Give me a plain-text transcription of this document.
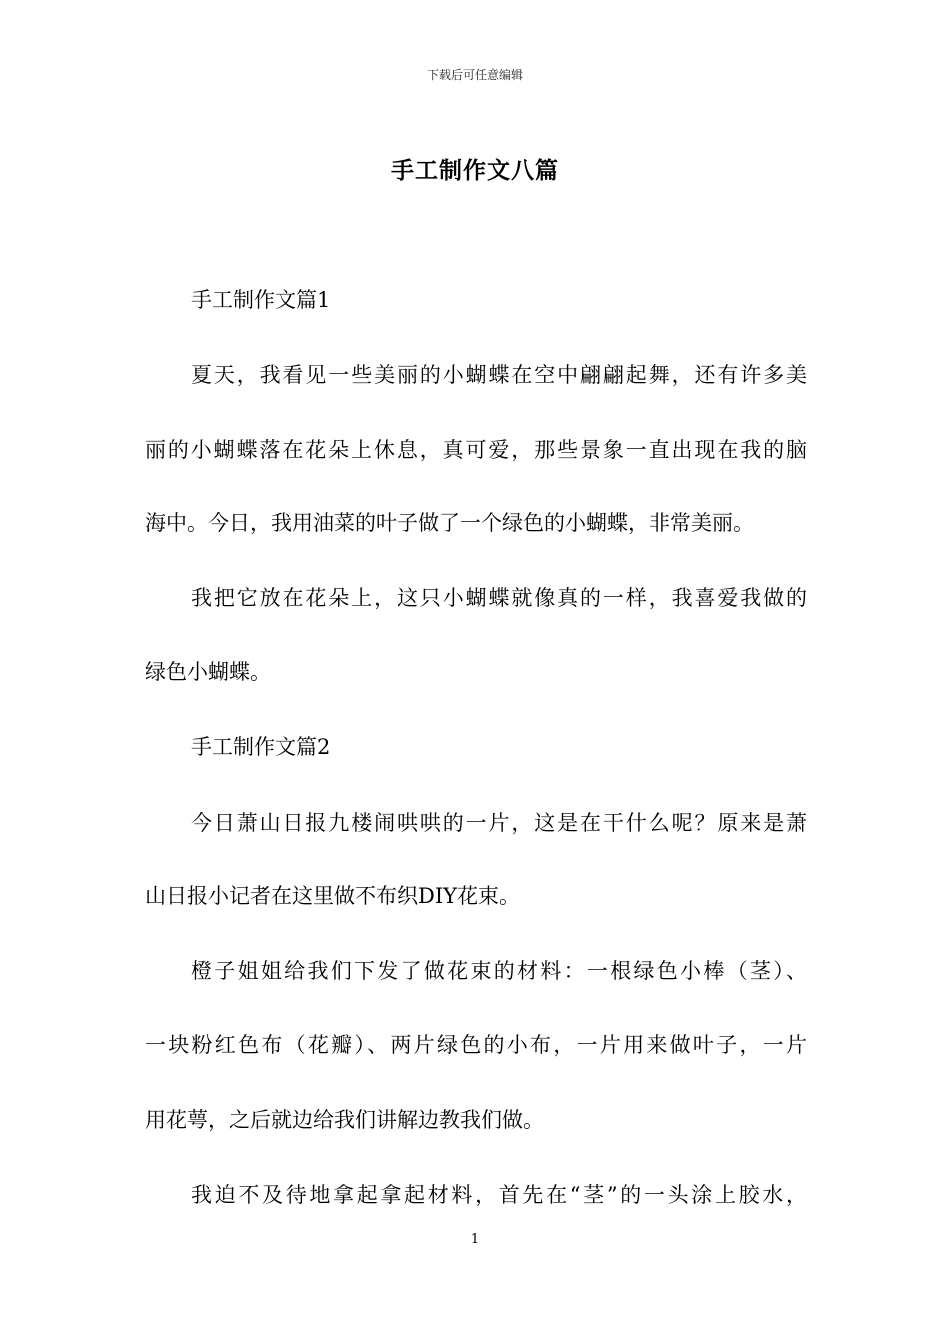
下载后可任意编辑
手工制作文八篇
手工制作文篇1
夏天，我看见一些美丽的小蝴蝶在空中翩翩起舞，还有许多美
丽的小蝴蝶落在花朵上休息，真可爱，那些景象一直出现在我的脑
海中。今日，我用油菜的叶子做了一个绿色的小蝴蝶，非常美丽。
我把它放在花朵上，这只小蝴蝶就像真的一样，我喜爱我做的
绿色小蝴蝶。
手工制作文篇2
今日萧山日报九楼闹哄哄的一片，这是在干什么呢？原来是萧
山日报小记者在这里做不布织DIY花束。
橙子姐姐给我们下发了做花束的材料：一根绿色小棒（茎）、
一块粉红色布（花瓣）、两片绿色的小布，一片用来做叶子，一片
用花萼，之后就边给我们讲解边教我们做。
我迫不及待地拿起拿起材料，首先在“茎”的一头涂上胶水，
1
